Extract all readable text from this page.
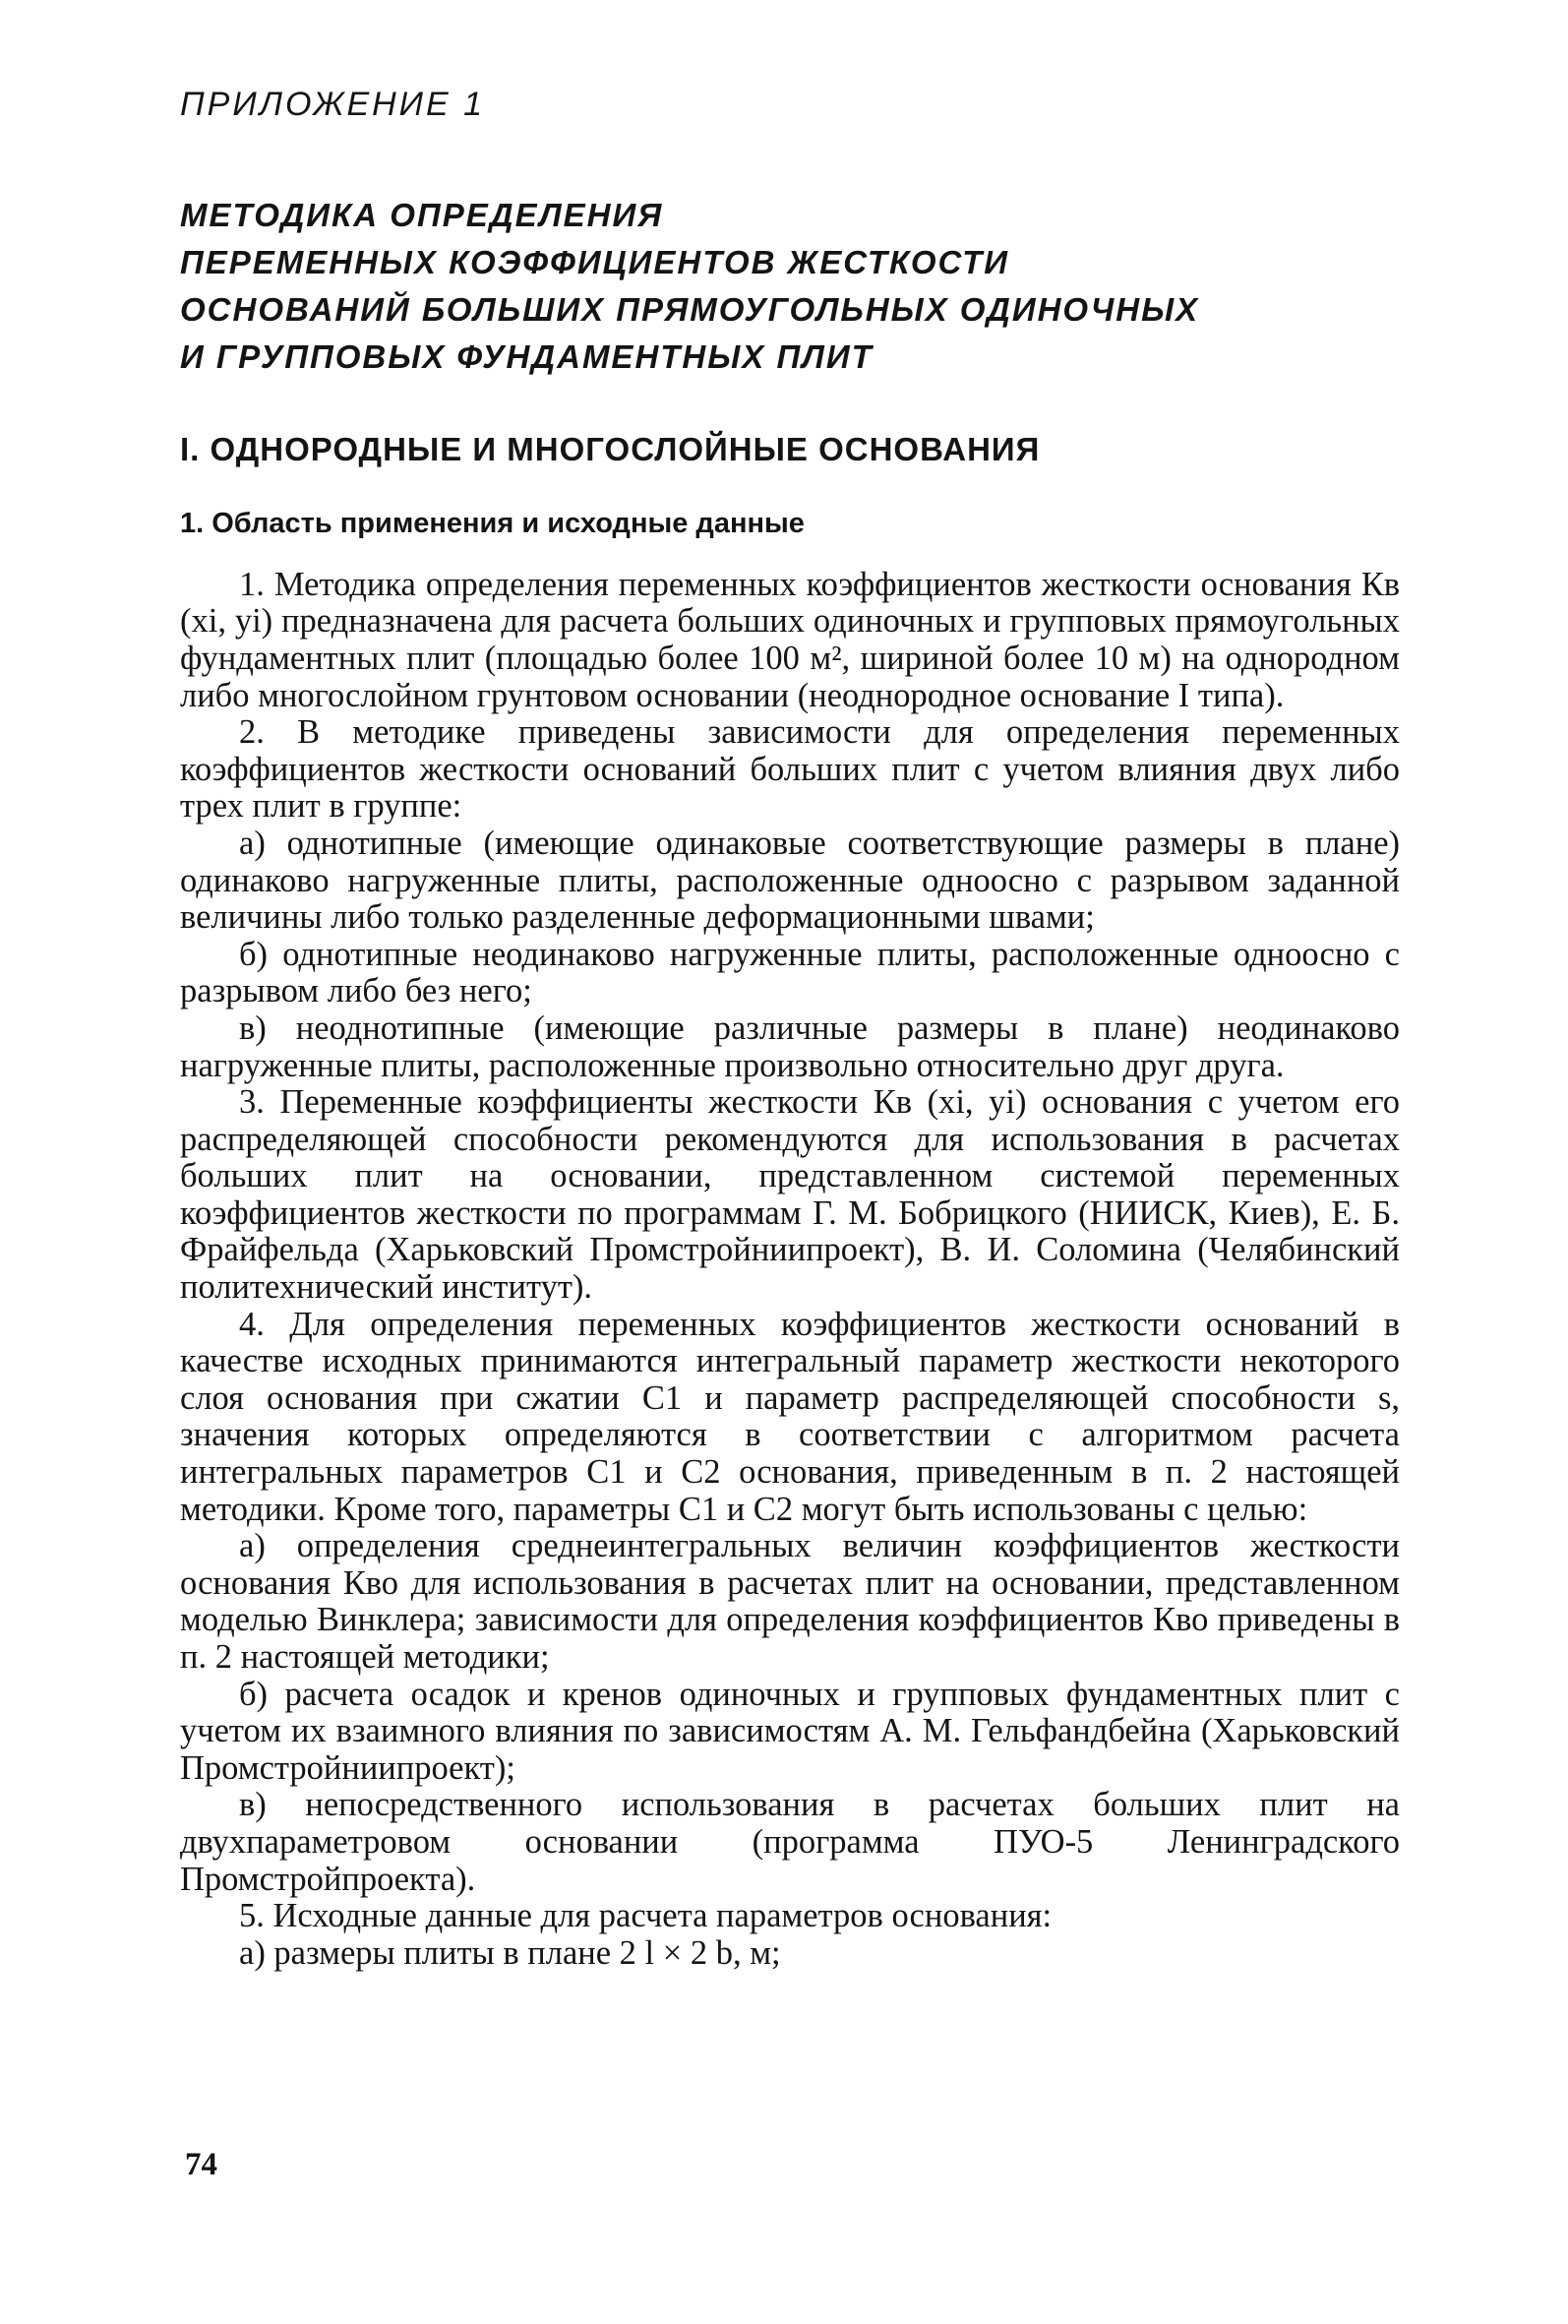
ПРИЛОЖЕНИЕ 1
МЕТОДИКА ОПРЕДЕЛЕНИЯ
ПЕРЕМЕННЫХ КОЭФФИЦИЕНТОВ ЖЕСТКОСТИ
ОСНОВАНИЙ БОЛЬШИХ ПРЯМОУГОЛЬНЫХ ОДИНОЧНЫХ
И ГРУППОВЫХ ФУНДАМЕНТНЫХ ПЛИТ
I. ОДНОРОДНЫЕ И МНОГОСЛОЙНЫЕ ОСНОВАНИЯ
1. Область применения и исходные данные

1. Методика определения переменных коэффициентов жесткости основания Кв (xi, yi) предназначена для расчета больших одиночных и групповых прямоугольных фундаментных плит (площадью более 100 м², шириной более 10 м) на однородном либо многослойном грунтовом основании (неоднородное основание I типа).

2. В методике приведены зависимости для определения переменных коэффициентов жесткости оснований больших плит с учетом влияния двух либо трех плит в группе:

а) однотипные (имеющие одинаковые соответствующие размеры в плане) одинаково нагруженные плиты, расположенные одноосно с разрывом заданной величины либо только разделенные деформационными швами;

б) однотипные неодинаково нагруженные плиты, расположенные одноосно с разрывом либо без него;

в) неоднотипные (имеющие различные размеры в плане) неодинаково нагруженные плиты, расположенные произвольно относительно друг друга.

3. Переменные коэффициенты жесткости Кв (xi, yi) основания с учетом его распределяющей способности рекомендуются для использования в расчетах больших плит на основании, представленном системой переменных коэффициентов жесткости по программам Г. М. Бобрицкого (НИИСК, Киев), Е. Б. Фрайфельда (Харьковский Промстройниипроект), В. И. Соломина (Челябинский политехнический институт).

4. Для определения переменных коэффициентов жесткости оснований в качестве исходных принимаются интегральный параметр жесткости некоторого слоя основания при сжатии C1 и параметр распределяющей способности s, значения которых определяются в соответствии с алгоритмом расчета интегральных параметров C1 и C2 основания, приведенным в п. 2 настоящей методики. Кроме того, параметры C1 и C2 могут быть использованы с целью:

а) определения среднеинтегральных величин коэффициентов жесткости основания Кво для использования в расчетах плит на основании, представленном моделью Винклера; зависимости для определения коэффициентов Кво приведены в п. 2 настоящей методики;

б) расчета осадок и кренов одиночных и групповых фундаментных плит с учетом их взаимного влияния по зависимостям А. М. Гельфандбейна (Харьковский Промстройниипроект);

в) непосредственного использования в расчетах больших плит на двухпараметровом основании (программа ПУО-5 Ленинградского Промстройпроекта).

5. Исходные данные для расчета параметров основания:

а) размеры плиты в плане 2 l × 2 b, м;

74
